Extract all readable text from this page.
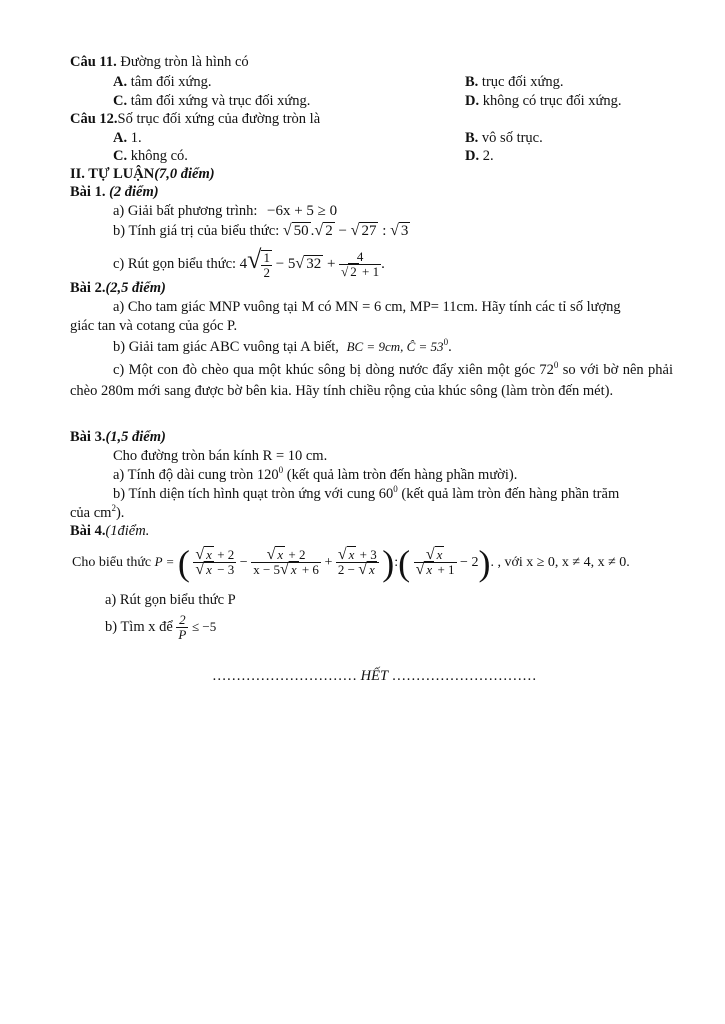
Câu 11. Đường tròn là hình có
A. tâm đối xứng.	B. trục đối xứng.
C. tâm đối xứng và trục đối xứng.	D. không có trục đối xứng.
Câu 12.Số trục đối xứng của đường tròn là
A. 1.	B. vô số trục.
C. không có.	D. 2.
II. TỰ LUẬN(7,0 điểm)
Bài 1. (2 điểm)
a) Giải bất phương trình: −6x + 5 ≥ 0
b) Tính giá trị của biểu thức: √ 50 .√ 2 − √ 27 : √ 3
c) Rút gọn biểu thức: $4√ \frac{1}{2} - 5√$ $32 + \frac{4}{√ 2 + 1}$ .
Bài 2.(2,5 điểm)
a) Cho tam giác MNP vuông tại M có MN = 6 cm, MP= 11cm. Hãy tính các tỉ số lượng
giác tan và cotang của góc P.
b) Giải tam giác ABC vuông tại A biết, BC = 9cm, Ĉ = $53^0$.
c) Một con đò chèo qua một khúc sông bị dòng nước đẩy xiên một góc $72^0$ so với bờ nên phải chèo 280m mới sang được bờ bên kia. Hãy tính chiều rộng của khúc sông (làm tròn đến mét).
Bài 3.(1,5 điểm)
Cho đường tròn bán kính R = 10 cm.
a) Tính độ dài cung tròn $120^0$ (kết quả làm tròn đến hàng phần mười).
b) Tính diện tích hình quạt tròn ứng với cung $60^0$ (kết quả làm tròn đến hàng phần trăm
của $cm^2$).
Bài 4.(1điểm.
Cho biểu thức P = ( $\frac{√ x + 2}{√ x - 3} - \frac{√ x + 2}{x - 5√ x + 6} + \frac{√ x + 3}{2 - √ x}$ ):( $\frac{√ x}{√ x + 1} - 2$). , với x ≥ 0, x ≠ 4, x ≠ 0.
a) Rút gọn biểu thức P
b) Tìm x để $\frac{2}{P} \le -5$
………………………… HẾT …………………………
